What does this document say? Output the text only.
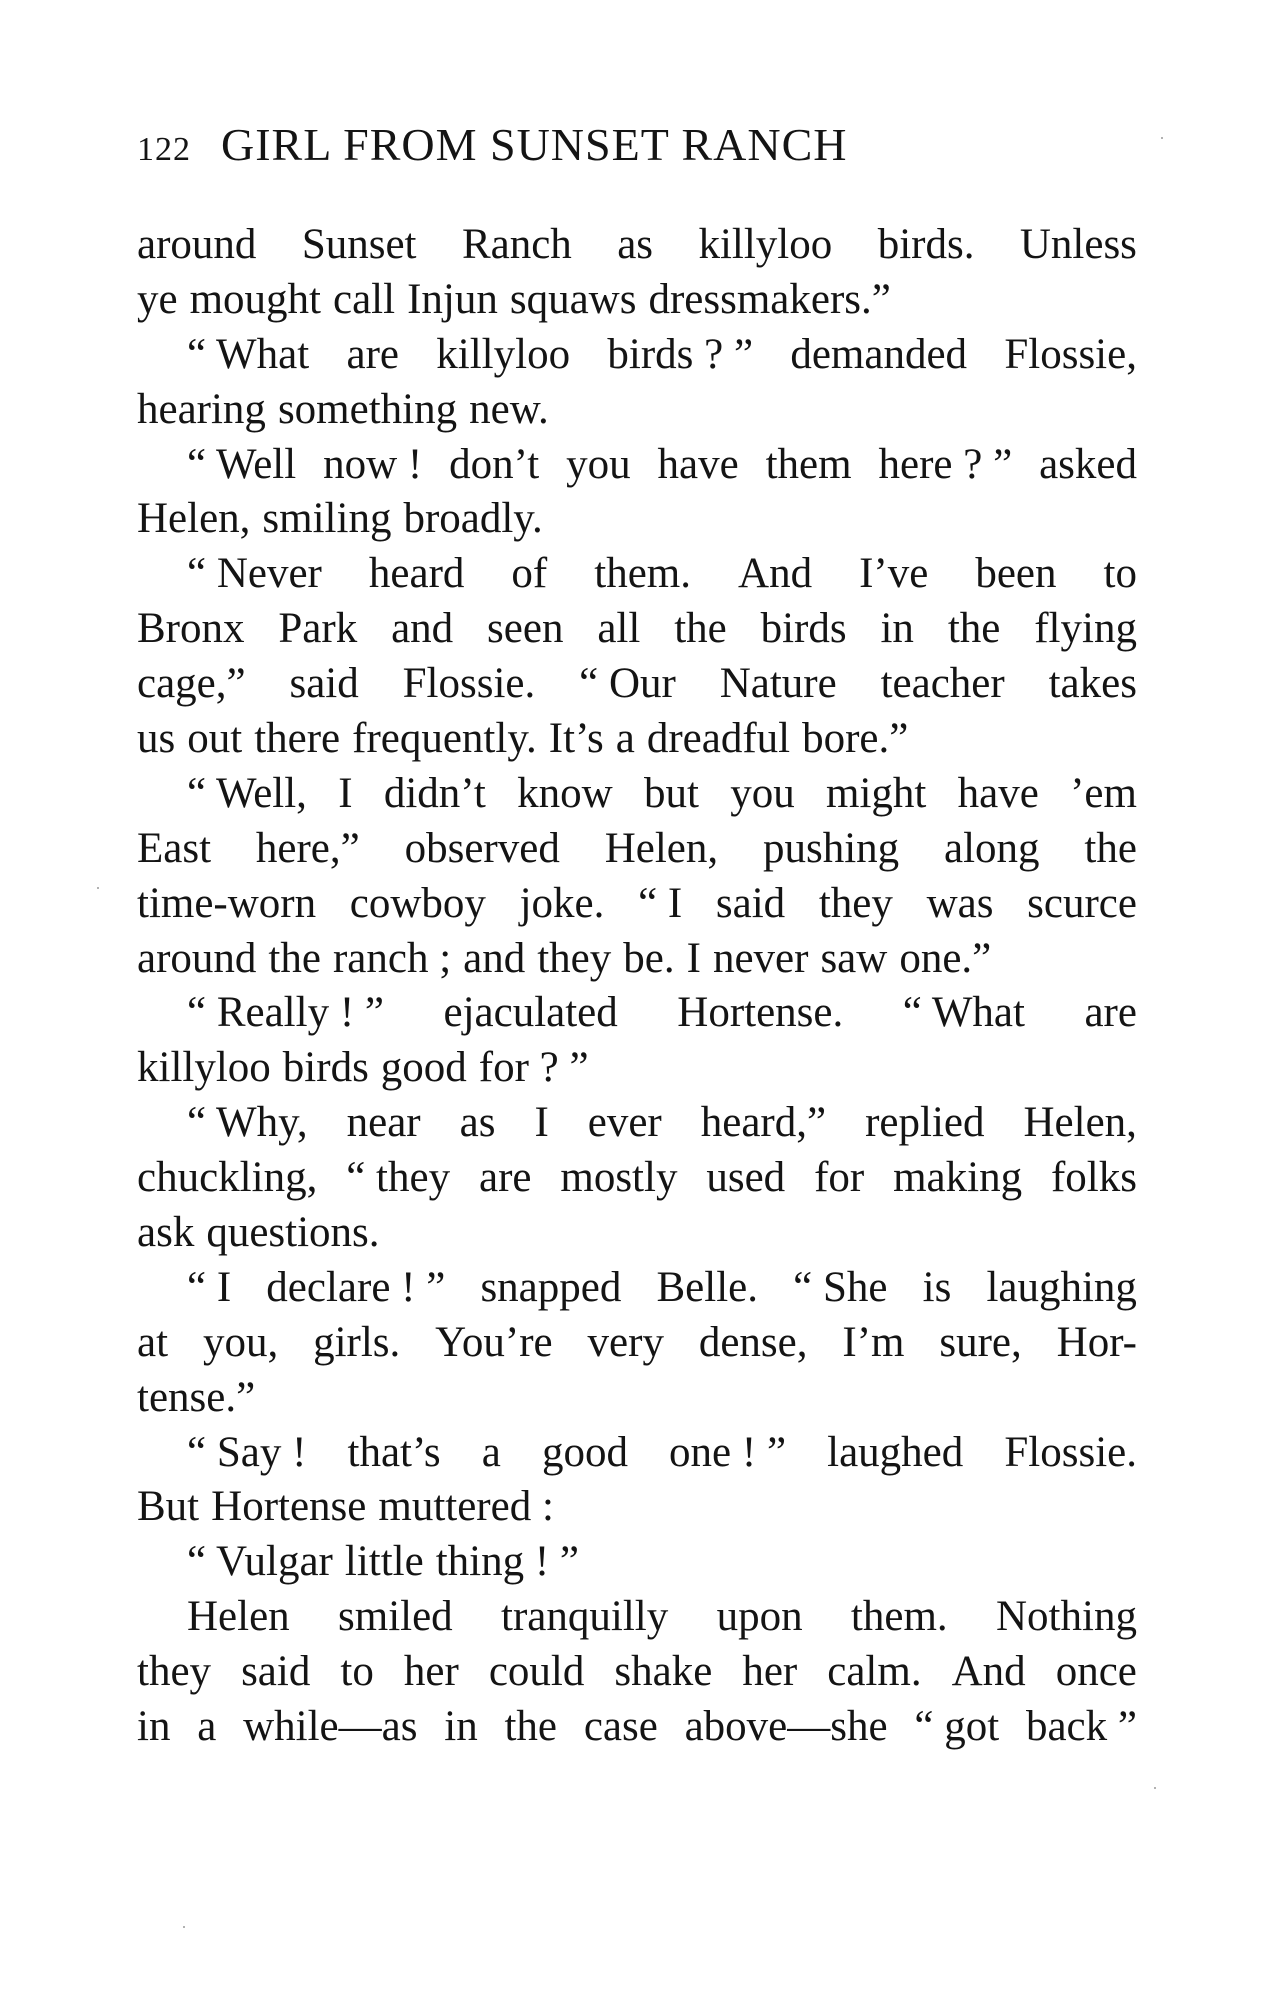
122 GIRL FROM SUNSET RANCH
around Sunset Ranch as killyloo birds. Unless
ye mought call Injun squaws dressmakers.”
“ What are killyloo birds ? ” demanded Flossie,
hearing something new.
“ Well now ! don’t you have them here ? ” asked
Helen, smiling broadly.
“ Never heard of them. And I’ve been to
Bronx Park and seen all the birds in the flying
cage,” said Flossie. “ Our Nature teacher takes
us out there frequently. It’s a dreadful bore.”
“ Well, I didn’t know but you might have ’em
East here,” observed Helen, pushing along the
time-worn cowboy joke. “ I said they was scurce
around the ranch ; and they be. I never saw one.”
“ Really ! ” ejaculated Hortense. “ What are
killyloo birds good for ? ”
“ Why, near as I ever heard,” replied Helen,
chuckling, “ they are mostly used for making folks
ask questions.
“ I declare ! ” snapped Belle. “ She is laughing
at you, girls. You’re very dense, I’m sure, Hor-
tense.”
“ Say ! that’s a good one ! ” laughed Flossie.
But Hortense muttered :
“ Vulgar little thing ! ”
Helen smiled tranquilly upon them. Nothing
they said to her could shake her calm. And once
in a while—as in the case above—she “ got back ”
